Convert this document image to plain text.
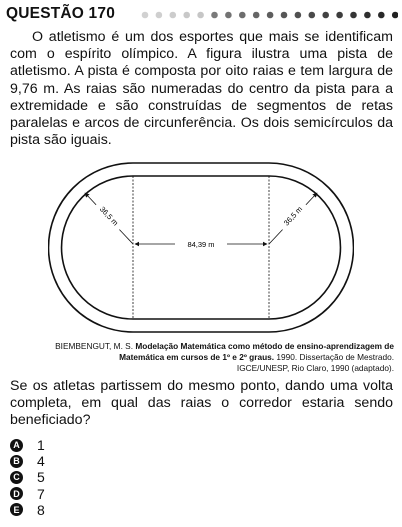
QUESTÃO 170

O atletismo é um dos esportes que mais se identificam com o espírito olímpico. A figura ilustra uma pista de atletismo. A pista é composta por oito raias e tem largura de 9,76 m. As raias são numeradas do centro da pista para a extremidade e são construídas de segmentos de retas paralelas e arcos de circunferência. Os dois semicírculos da pista são iguais.

84,39 m
36,5 m	36,5 m
BIEMBENGUT, M. S. Modelação Matemática como método de ensino-aprendizagem de Matemática em cursos de 1º e 2º graus. 1990. Dissertação de Mestrado.
IGCE/UNESP, Rio Claro, 1990 (adaptado).
Se os atletas partissem do mesmo ponto, dando uma volta completa, em qual das raias o corredor estaria sendo beneficiado?
A 1
B 4
C 5
D 7
E 8
